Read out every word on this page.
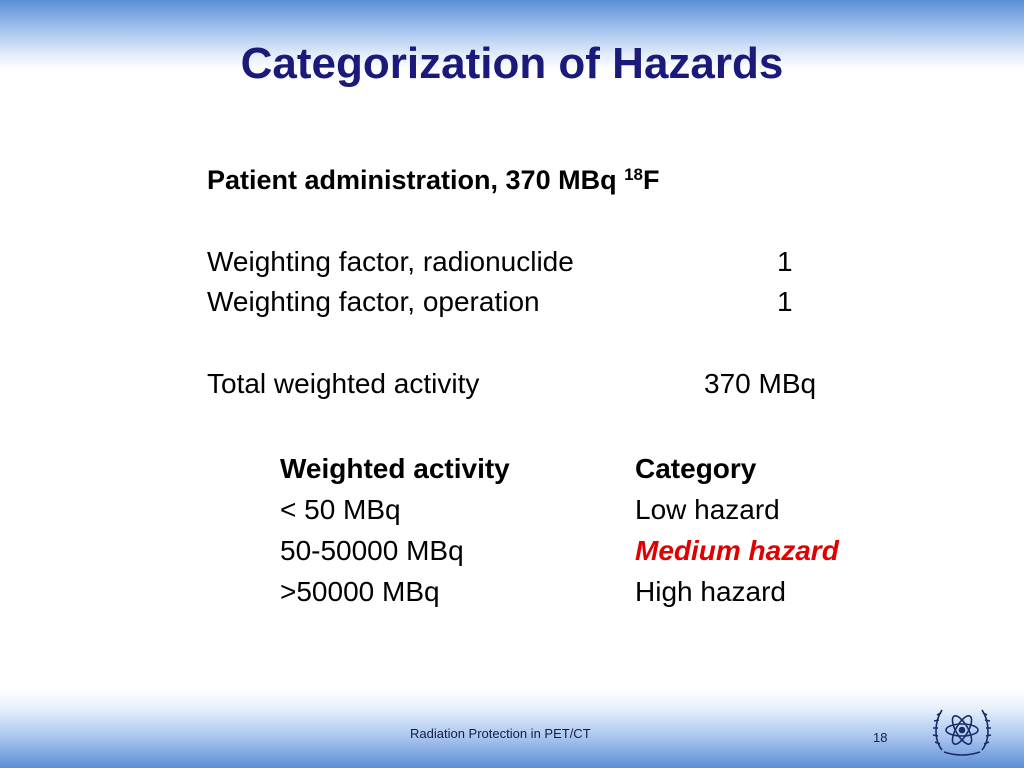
Categorization of Hazards
Patient administration, 370 MBq $^{18}$F
Weighting factor, radionuclide	1
Weighting factor, operation	1
Total weighted activity	370 MBq
Weighted activity	Category
< 50 MBq	Low hazard
50-50000 MBq	Medium hazard
>50000 MBq	High hazard
Radiation Protection in PET/CT	18
